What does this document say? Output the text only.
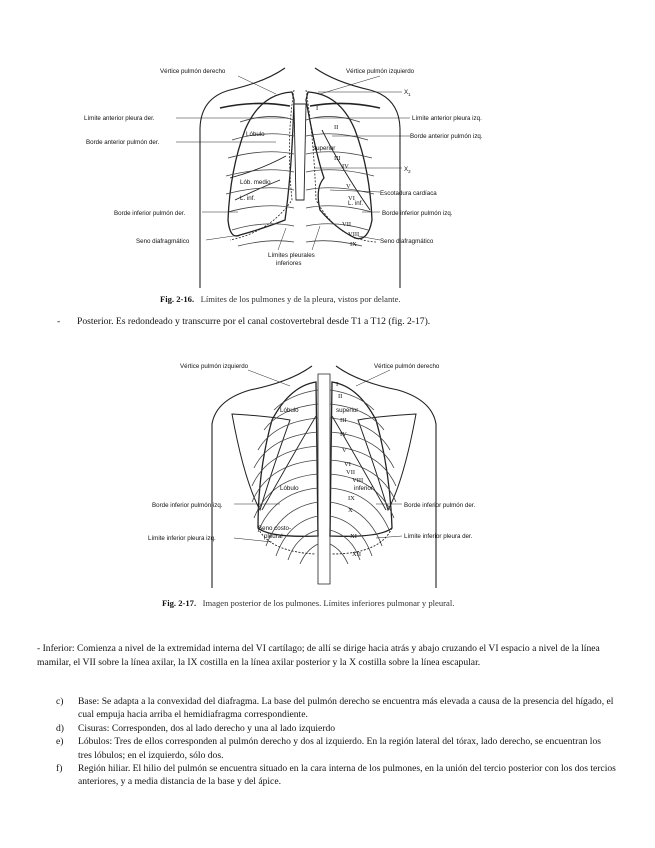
Vértice pulmón derecho	Vértice pulmón izquierdo
$X_1$
Límite anterior pleura der.	Límite anterior pleura izq.
Borde anterior pulmón der.
Borde anterior pulmón izq.
Lóbulo
superior
$X_2$
Lób. medio
Escotadura cardíaca
L. inf.
L. inf.
Borde inferior pulmón der.	Borde inferior pulmón izq.
Seno diafragmático	Seno diafragmático
Límites pleurales
inferiores
I
II
III
IV
V
VI
VII
VIII
IX
Fig. 2-16. Límites de los pulmones y de la pleura, vistos por delante.
- Posterior. Es redondeado y transcurre por el canal costovertebral desde T1 a T12 (fig. 2-17).
Vértice pulmón izquierdo	Vértice pulmón derecho
Lóbulo	superior
Lóbulo	inferior
Borde inferior pulmón izq.	Borde inferior pulmón der.
Límite inferior pleura izq.	Límite inferior pleura der.
Seno costo-
pleural
I
II
III
IV
V
VI
VII
VIII
IX
X
XI
XII
Fig. 2-17. Imagen posterior de los pulmones. Límites inferiores pulmonar y pleural.
- Inferior: Comienza a nivel de la extremidad interna del VI cartílago; de allí se dirige hacia atrás y abajo cruzando el VI espacio a nivel de la línea mamilar, el VII sobre la línea axilar, la IX costilla en la línea axilar posterior y la X costilla sobre la línea escapular.
c) Base: Se adapta a la convexidad del diafragma. La base del pulmón derecho se encuentra más elevada a causa de la presencia del hígado, el cual empuja hacia arriba el hemidiafragma correspondiente.
d) Cisuras: Corresponden, dos al lado derecho y una al lado izquierdo
e) Lóbulos: Tres de ellos corresponden al pulmón derecho y dos al izquierdo. En la región lateral del tórax, lado derecho, se encuentran los tres lóbulos; en el izquierdo, sólo dos.
f) Región hiliar. El hilio del pulmón se encuentra situado en la cara interna de los pulmones, en la unión del tercio posterior con los dos tercios anteriores, y a media distancia de la base y del ápice.
